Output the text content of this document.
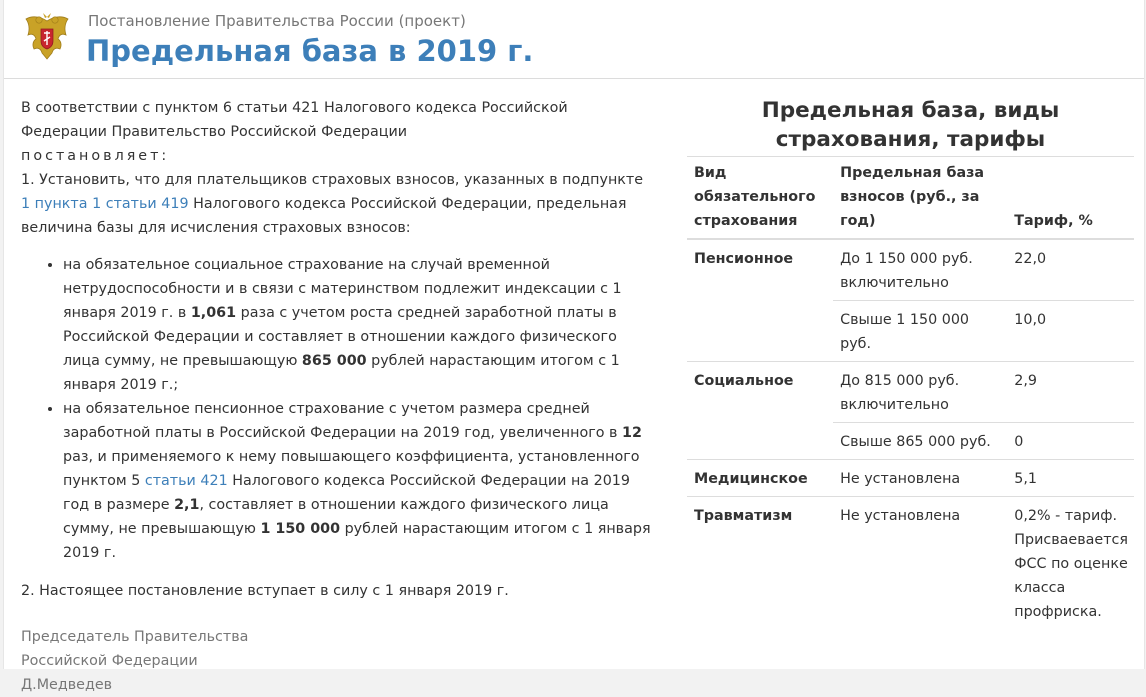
Постановление Правительства России (проект)
Предельная база в 2019 г.

В соответствии с пунктом 6 статьи 421 Налогового кодекса Российской Федерации Правительство Российской Федерации
постановляет:

1. Установить, что для плательщиков страховых взносов, указанных в подпункте 1 пункта 1 статьи 419 Налогового кодекса Российской Федерации, предельная величина базы для исчисления страховых взносов:

• на обязательное социальное страхование на случай временной нетрудоспособности и в связи с материнством подлежит индексации с 1 января 2019 г. в 1,061 раза с учетом роста средней заработной платы в Российской Федерации и составляет в отношении каждого физического лица сумму, не превышающую 865 000 рублей нарастающим итогом с 1 января 2019 г.;
• на обязательное пенсионное страхование с учетом размера средней заработной платы в Российской Федерации на 2019 год, увеличенного в 12 раз, и применяемого к нему повышающего коэффициента, установленного пунктом 5 статьи 421 Налогового кодекса Российской Федерации на 2019 год в размере 2,1, составляет в отношении каждого физического лица сумму, не превышающую 1 150 000 рублей нарастающим итогом с 1 января 2019 г.

2. Настоящее постановление вступает в силу с 1 января 2019 г.

Председатель Правительства
Российской Федерации
Д.Медведев
Предельная база, виды страхования, тарифы
Вид обязательного страхования	Предельная база взносов (руб., за год)	Тариф, %
Пенсионное	До 1 150 000 руб. включительно	22,0
	Свыше 1 150 000 руб.	10,0
Социальное	До 815 000 руб. включительно	2,9
	Свыше 865 000 руб.	0
Медицинское	Не установлена	5,1
Травматизм	Не установлена	0,2% - тариф. Присваевается ФСС по оценке класса профриска.
